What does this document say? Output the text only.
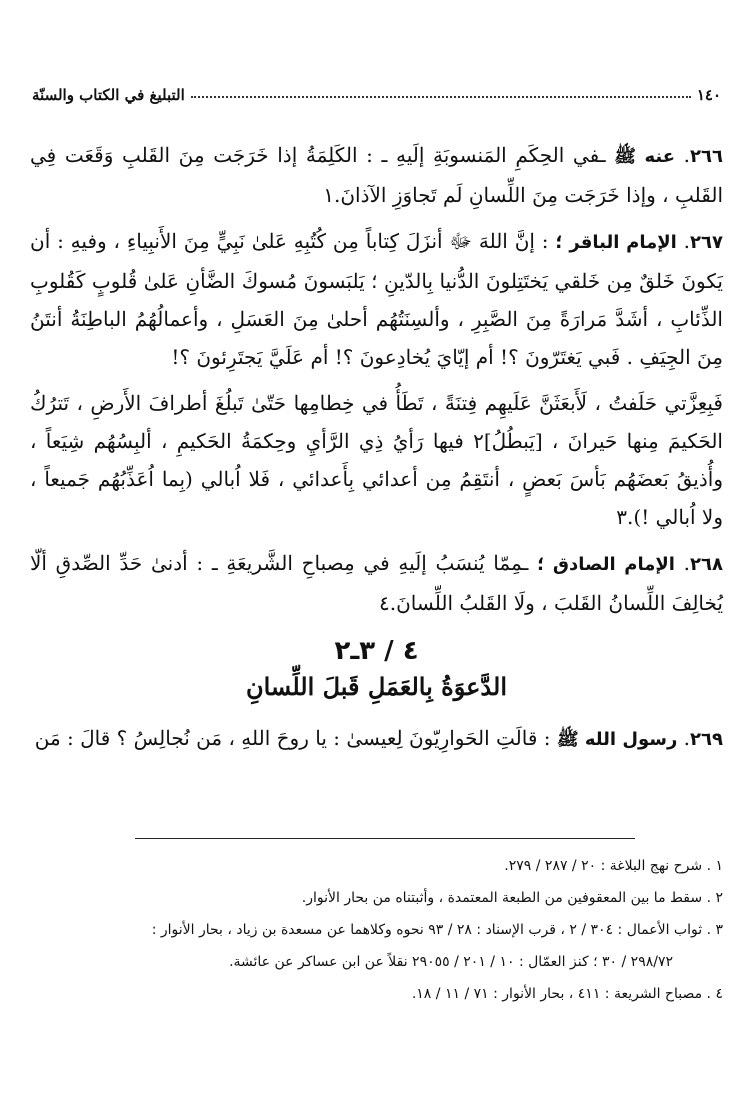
١٤٠
التبليغ في الكتاب والسنّة
٢٦٦. عنه ﷺ ـفي الحِكَمِ المَنسوبَةِ إلَيهِ ـ : الكَلِمَةُ إذا خَرَجَت مِنَ القَلبِ وَقَعَت فِي القَلبِ ، وإذا خَرَجَت مِنَ اللِّسانِ لَم تَجاوَزِ الآذانَ.١
٢٦٧. الإمام الباقر ؛ : إنَّ اللهَ ﷻ أنزَلَ كِتاباً مِن كُتُبِهِ عَلىٰ نَبِيٍّ مِنَ الأَنبِياءِ ، وفيهِ : أن يَكونَ خَلقٌ مِن خَلقي يَختَتِلونَ الدُّنيا بِالدّينِ ؛ يَلبَسونَ مُسوكَ الضَّأنِ عَلىٰ قُلوبٍ كَقُلوبِ الذِّئابِ ، أشَدَّ مَرارَةً مِنَ الصَّبِرِ ، وألسِنَتُهُم أحلىٰ مِنَ العَسَلِ ، وأعمالُهُمُ الباطِنَةُ أنتَنُ مِنَ الجِيَفِ . فَبي يَغتَرّونَ ؟! أم إيّايَ يُخادِعونَ ؟! أم عَلَيَّ يَجتَرِئونَ ؟!
فَبِعِزَّتي حَلَفتُ ، لَأَبعَثَنَّ عَلَيهِم فِتنَةً ، تَطَأُ في خِطامِها حَتّىٰ تَبلُغَ أطرافَ الأَرضِ ، تَترُكُ الحَكيمَ مِنها حَيرانَ ، [يَبطُلُ]٢ فيها رَأيُ ذِي الرَّأيِ وحِكمَةُ الحَكيمِ ، ألبِسُهُم شِيَعاً ، وأُذيقُ بَعضَهُم بَأسَ بَعضٍ ، أنتَقِمُ مِن أعدائي بِأَعدائي ، فَلا اُبالي (بِما اُعَذِّبُهُم جَميعاً ، ولا اُبالي !).٣
٢٦٨. الإمام الصادق ؛ ـمِمّا يُنسَبُ إلَيهِ في مِصباحِ الشَّريعَةِ ـ : أدنىٰ حَدِّ الصِّدقِ ألّا يُخالِفَ اللِّسانُ القَلبَ ، ولَا القَلبُ اللِّسانَ.٤
٤ / ٣ـ٢
الدَّعوَةُ بِالعَمَلِ قَبلَ اللِّسانِ
٢٦٩. رسول الله ﷺ : قالَتِ الحَوارِيّونَ لِعيسىٰ : يا روحَ اللهِ ، مَن نُجالِسُ ؟ قالَ : مَن
١ . شرح نهج البلاغة : ٢٠ / ٢٨٧ / ٢٧٩.
٢ . سقط ما بين المعقوفين من الطبعة المعتمدة ، وأثبتناه من بحار الأنوار.
٣ . ثواب الأعمال : ٣٠٤ / ٢ ، قرب الإسناد : ٢٨ / ٩٣ نحوه وكلاهما عن مسعدة بن زياد ، بحار الأنوار :
٢٩٨/٧٢ / ٣٠ ؛ كنز العمّال : ١٠ / ٢٠١ / ٢٩٠٥٥ نقلاً عن ابن عساكر عن عائشة.
٤ . مصباح الشريعة : ٤١١ ، بحار الأنوار : ٧١ / ١١ / ١٨.
